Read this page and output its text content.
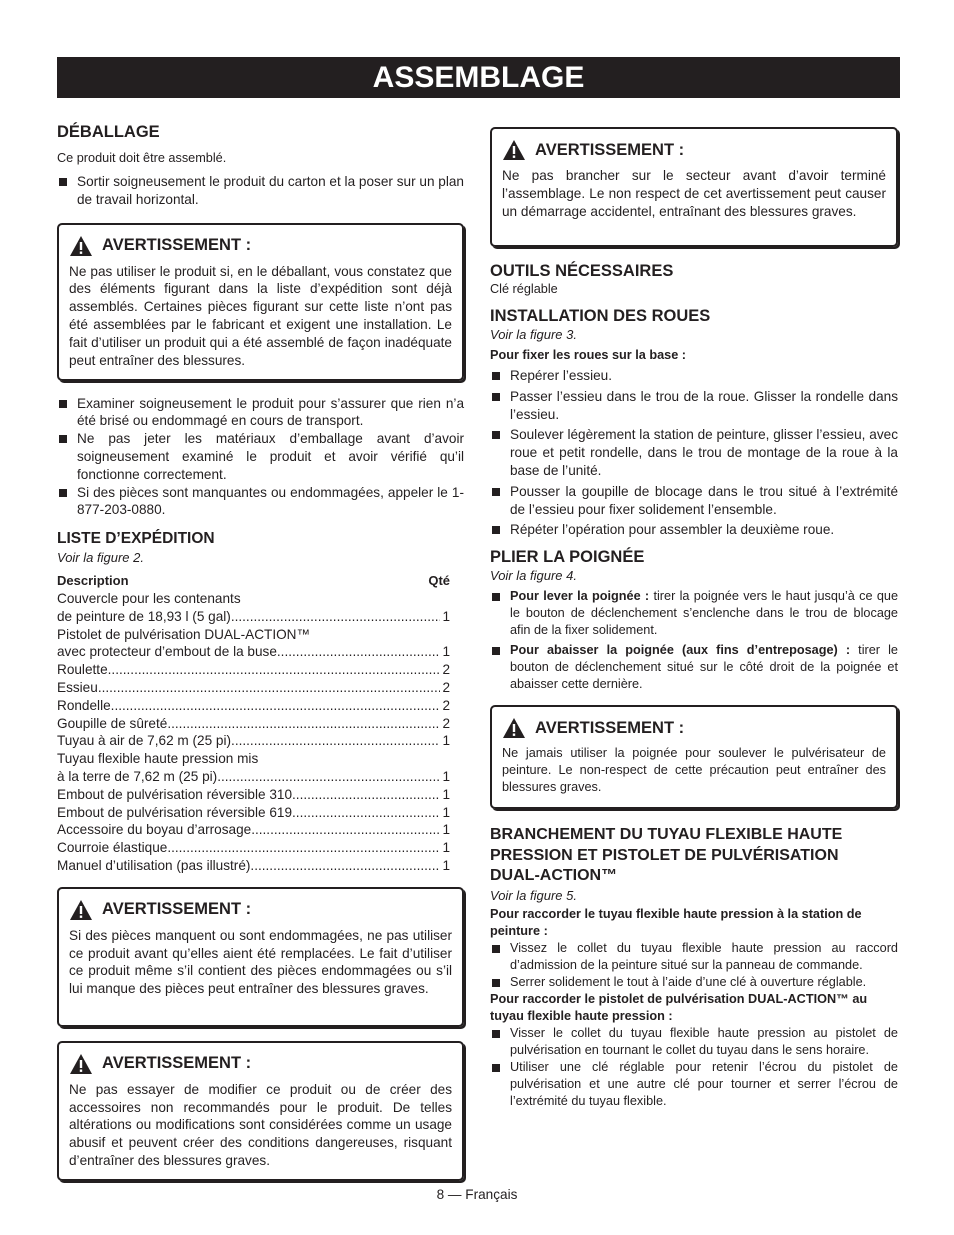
ASSEMBLAGE
DÉBALLAGE

Ce produit doit être assemblé.

Sortir soigneusement le produit du carton et la poser sur un plan de travail horizontal.
AVERTISSEMENT :

Ne pas utiliser le produit si, en le déballant, vous constatez que des éléments figurant dans la liste d’expédition sont déjà assemblés. Certaines pièces figurant sur cette liste n’ont pas été assemblées par le fabricant et exigent une installation. Le fait d’utiliser un produit qui a été assemblé de façon inadéquate peut entraîner des blessures.

Examiner soigneusement le produit pour s’assurer que rien n’a été brisé ou endommagé en cours de transport.
Ne pas jeter les matériaux d’emballage avant d’avoir soigneusement examiné le produit et avoir vérifié qu’il fonctionne correctement.
Si des pièces sont manquantes ou endommagées, appeler le 1-877-203-0880.
LISTE D’EXPÉDITION

Voir la figure 2.

Description	Qté
Couvercle pour les contenants
de peinture de 18,93 l (5 gal) .....	1
Pistolet de pulvérisation DUAL-ACTION™
avec protecteur d’embout de la buse .....	1
Roulette .....	2
Essieu .....	2
Rondelle .....	2
Goupille de sûreté .....	2
Tuyau à air de 7,62 m (25 pi) .....	1
Tuyau flexible haute pression mis
à la terre de 7,62 m (25 pi) .....	1
Embout de pulvérisation réversible 310 .....	1
Embout de pulvérisation réversible 619 .....	1
Accessoire du boyau d’arrosage .....	1
Courroie élastique .....	1
Manuel d’utilisation (pas illustré) .....	1
AVERTISSEMENT :

Si des pièces manquent ou sont endommagées, ne pas utiliser ce produit avant qu’elles aient été remplacées. Le fait d’utiliser ce produit même s’il contient des pièces endommagées ou s’il lui manque des pièces peut entraîner des blessures graves.

AVERTISSEMENT :

Ne pas essayer de modifier ce produit ou de créer des accessoires non recommandés pour le produit. De telles altérations ou modifications sont considérées comme un usage abusif et peuvent créer des conditions dangereuses, risquant d’entraîner des blessures graves.

AVERTISSEMENT :

Ne pas brancher sur le secteur avant d’avoir terminé l’assemblage. Le non respect de cet avertissement peut causer un démarrage accidentel, entraînant des blessures graves.

OUTILS NÉCESSAIRES

Clé réglable

INSTALLATION DES ROUES

Voir la figure 3.

Pour fixer les roues sur la base :

Repérer l’essieu.
Passer l’essieu dans le trou de la roue. Glisser la rondelle dans l’essieu.
Soulever légèrement la station de peinture, glisser l’essieu, avec roue et petit rondelle, dans le trou de montage de la roue à la base de l’unité.
Pousser la goupille de blocage dans le trou situé à l’extrémité de l’essieu pour fixer solidement l’ensemble.
Répéter l’opération pour assembler la deuxième roue.
PLIER LA POIGNÉE

Voir la figure 4.

Pour lever la poignée : tirer la poignée vers le haut jusqu’à ce que le bouton de déclenchement s’enclenche dans le trou de blocage afin de la fixer solidement.
Pour abaisser la poignée (aux fins d’entreposage) : tirer le bouton de déclenchement situé sur le côté droit de la poignée et abaisser cette dernière.
AVERTISSEMENT :

Ne jamais utiliser la poignée pour soulever le pulvérisateur de peinture. Le non-respect de cette précaution peut entraîner des blessures graves.

BRANCHEMENT DU TUYAU FLEXIBLE HAUTE PRESSION ET PISTOLET DE PULVÉRISATION DUAL-ACTION™

Voir la figure 5.

Pour raccorder le tuyau flexible haute pression à la station de peinture :

Vissez le collet du tuyau flexible haute pression au raccord d’admission de la peinture situé sur la panneau de commande.
Serrer solidement le tout à l’aide d’une clé à ouverture réglable.

Pour raccorder le pistolet de pulvérisation DUAL-ACTION™ au tuyau flexible haute pression :

Visser le collet du tuyau flexible haute pression au pistolet de pulvérisation en tournant le collet du tuyau dans le sens horaire.
Utiliser une clé réglable pour retenir l’écrou du pistolet de pulvérisation et une autre clé pour tourner et serrer l’écrou de l’extrémité du tuyau flexible.
8 — Français
